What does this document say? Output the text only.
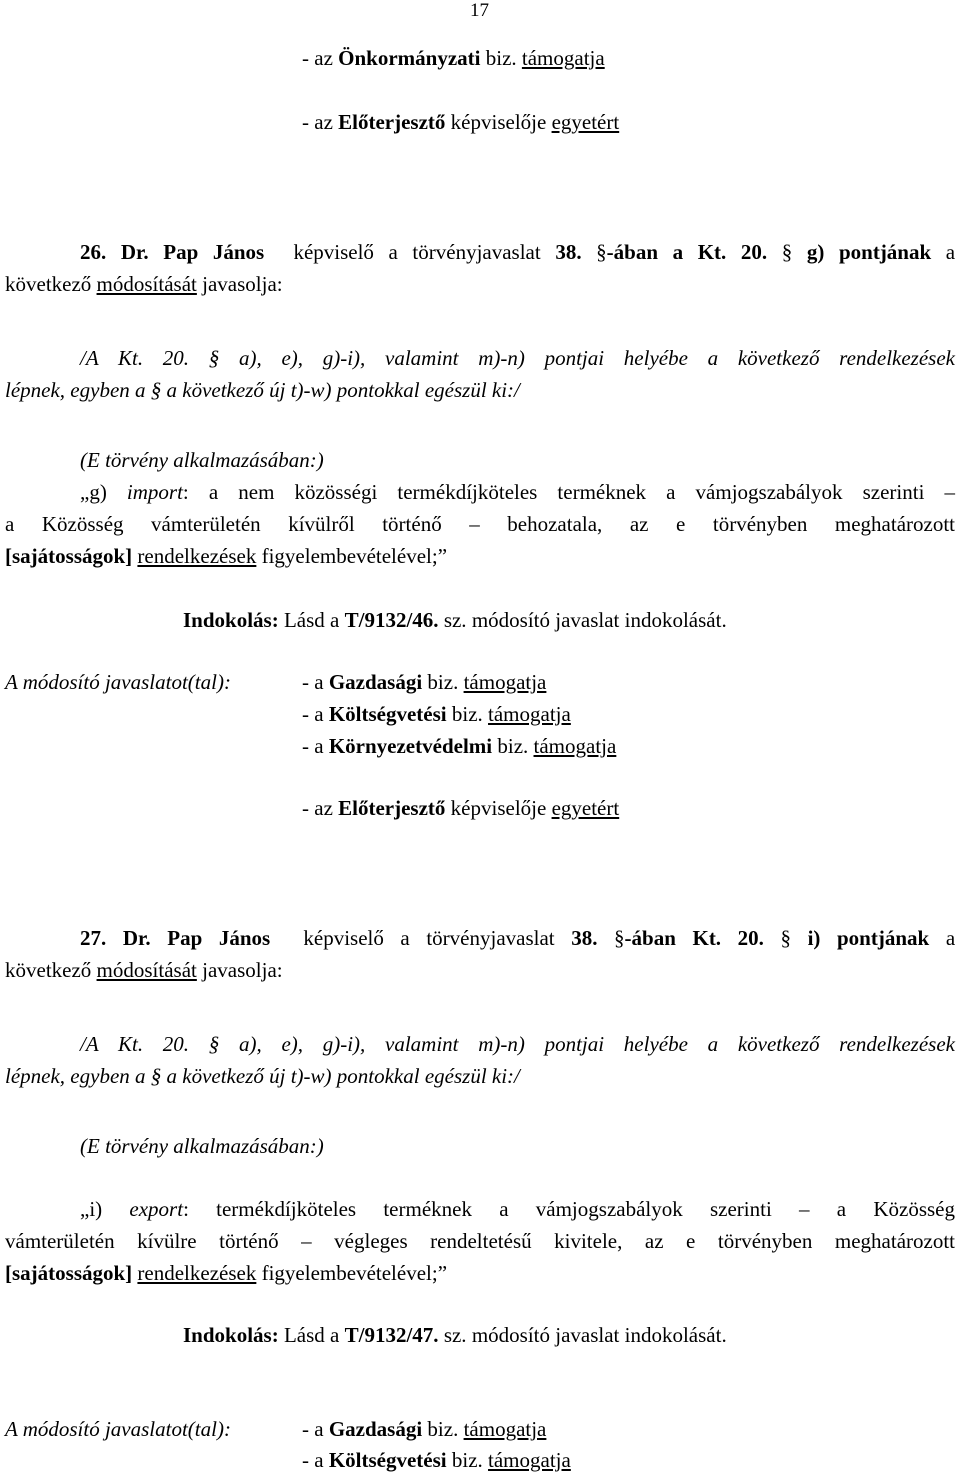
17
- az Önkormányzati biz. támogatja
- az Előterjesztő képviselője egyetért
26. Dr. Pap János képviselő a törvényjavaslat 38. §-ában a Kt. 20. § g) pontjának a
következő módosítását javasolja:
/A Kt. 20. § a), e), g)-i), valamint m)-n) pontjai helyébe a következő rendelkezések
lépnek, egyben a § a következő új t)-w) pontokkal egészül ki:/
(E törvény alkalmazásában:)
„g) import: a nem közösségi termékdíjköteles terméknek a vámjogszabályok szerinti –
a Közösség vámterületén kívülről történő – behozatala, az e törvényben meghatározott
[sajátosságok] rendelkezések figyelembevételével;”
Indokolás: Lásd a T/9132/46. sz. módosító javaslat indokolását.
A módosító javaslatot(tal):	- a Gazdasági biz. támogatja
- a Költségvetési biz. támogatja
- a Környezetvédelmi biz. támogatja
- az Előterjesztő képviselője egyetért
27. Dr. Pap János képviselő a törvényjavaslat 38. §-ában Kt. 20. § i) pontjának a
következő módosítását javasolja:
/A Kt. 20. § a), e), g)-i), valamint m)-n) pontjai helyébe a következő rendelkezések
lépnek, egyben a § a következő új t)-w) pontokkal egészül ki:/
(E törvény alkalmazásában:)
„i) export: termékdíjköteles terméknek a vámjogszabályok szerinti – a Közösség
vámterületén kívülre történő – végleges rendeltetésű kivitele, az e törvényben meghatározott
[sajátosságok] rendelkezések figyelembevételével;”
Indokolás: Lásd a T/9132/47. sz. módosító javaslat indokolását.
A módosító javaslatot(tal):	- a Gazdasági biz. támogatja
- a Költségvetési biz. támogatja
